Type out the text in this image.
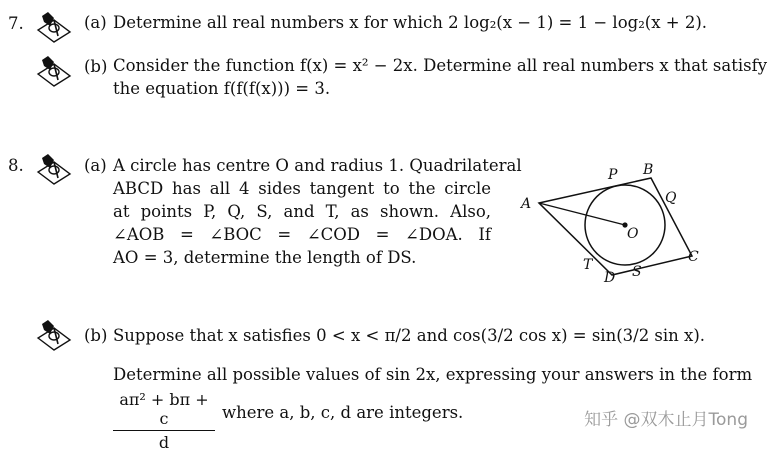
7.	(a) Determine all real numbers x for which 2 log₂(x − 1) = 1 − log₂(x + 2).
(b) Consider the function f(x) = x² − 2x. Determine all real numbers x that satisfy
the equation f(f(f(x))) = 3.
8.	(a) A circle has centre O and radius 1. Quadrilateral
ABCD has all 4 sides tangent to the circle
at points P, Q, S, and T, as shown. Also,
∠AOB = ∠BOC = ∠COD = ∠DOA. If
AO = 3, determine the length of DS.
A
P B
Q
O
C
T
D S
(b) Suppose that x satisfies 0 < x < π/2 and cos(3/2 cos x) = sin(3/2 sin x).
Determine all possible values of sin 2x, expressing your answers in the form
$\frac{\text{aπ² + bπ + c}}{d}$ where a, b, c, d are integers.	知乎 @双木止月Tong
